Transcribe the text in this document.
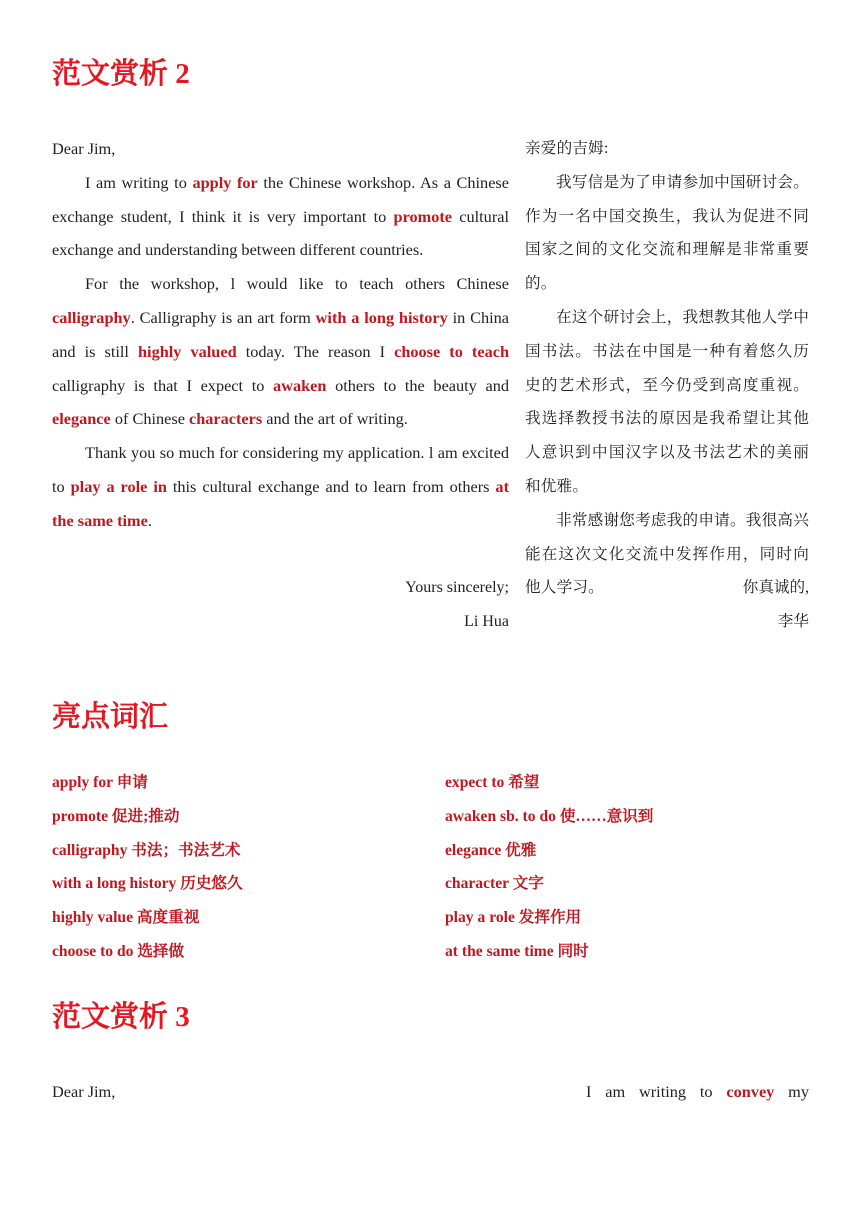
范文赏析 2

Dear Jim,

I am writing to apply for the Chinese workshop. As a Chinese exchange student, I think it is very important to promote cultural exchange and understanding between different countries.

For the workshop, l would like to teach others Chinese calligraphy. Calligraphy is an art form with a long history in China and is still highly valued today. The reason I choose to teach calligraphy is that I expect to awaken others to the beauty and elegance of Chinese characters and the art of writing.

Thank you so much for considering my application. l am excited to play a role in this cultural exchange and to learn from others at the same time.

亲爱的吉姆:

我写信是为了申请参加中国研讨会。作为一名中国交换生，我认为促进不同国家之间的文化交流和理解是非常重要的。

在这个研讨会上，我想教其他人学中国书法。书法在中国是一种有着悠久历史的艺术形式，至今仍受到高度重视。我选择教授书法的原因是我希望让其他人意识到中国汉字以及书法艺术的美丽和优雅。

非常感谢您考虑我的申请。我很高兴能在这次文化交流中发挥作用，同时向他人学习。

Yours sincerely;
Li Hua
你真诚的,
李华
亮点词汇
apply for 申请
promote 促进;推动
calligraphy 书法；书法艺术
with a long history 历史悠久
highly value 高度重视
choose to do 选择做
expect to 希望
awaken sb. to do 使……意识到
elegance 优雅
character 文字
play a role 发挥作用
at the same time 同时
范文赏析 3
Dear Jim,	I am writing to convey my
